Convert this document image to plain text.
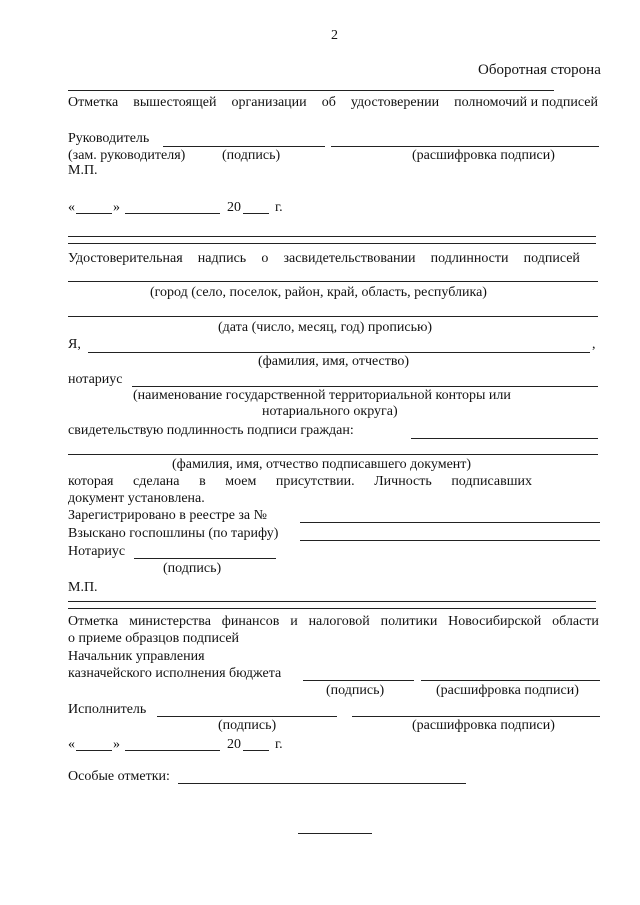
2
Оборотная сторона
Отметка вышестоящей организации об удостоверении полномочий и подписей
Руководитель
(зам. руководителя)	(подпись)	(расшифровка подписи)
М.П.
«	»	20 г.
Удостоверительная надпись о засвидетельствовании подлинности подписей
(город (село, поселок, район, край, область, республика)
(дата (число, месяц, год) прописью)
Я,	,
(фамилия, имя, отчество)
нотариус
(наименование государственной территориальной конторы или
нотариального округа)
свидетельствую подлинность подписи граждан:
(фамилия, имя, отчество подписавшего документ)
которая сделана в моем присутствии. Личность подписавших
документ установлена.
Зарегистрировано в реестре за №
Взыскано госпошлины (по тарифу)
Нотариус
(подпись)
М.П.
Отметка министерства финансов и налоговой политики Новосибирской области
о приеме образцов подписей
Начальник управления
казначейского исполнения бюджета
(подпись)	(расшифровка подписи)
Исполнитель
(подпись)	(расшифровка подписи)
«	»	20 г.
Особые отметки:
